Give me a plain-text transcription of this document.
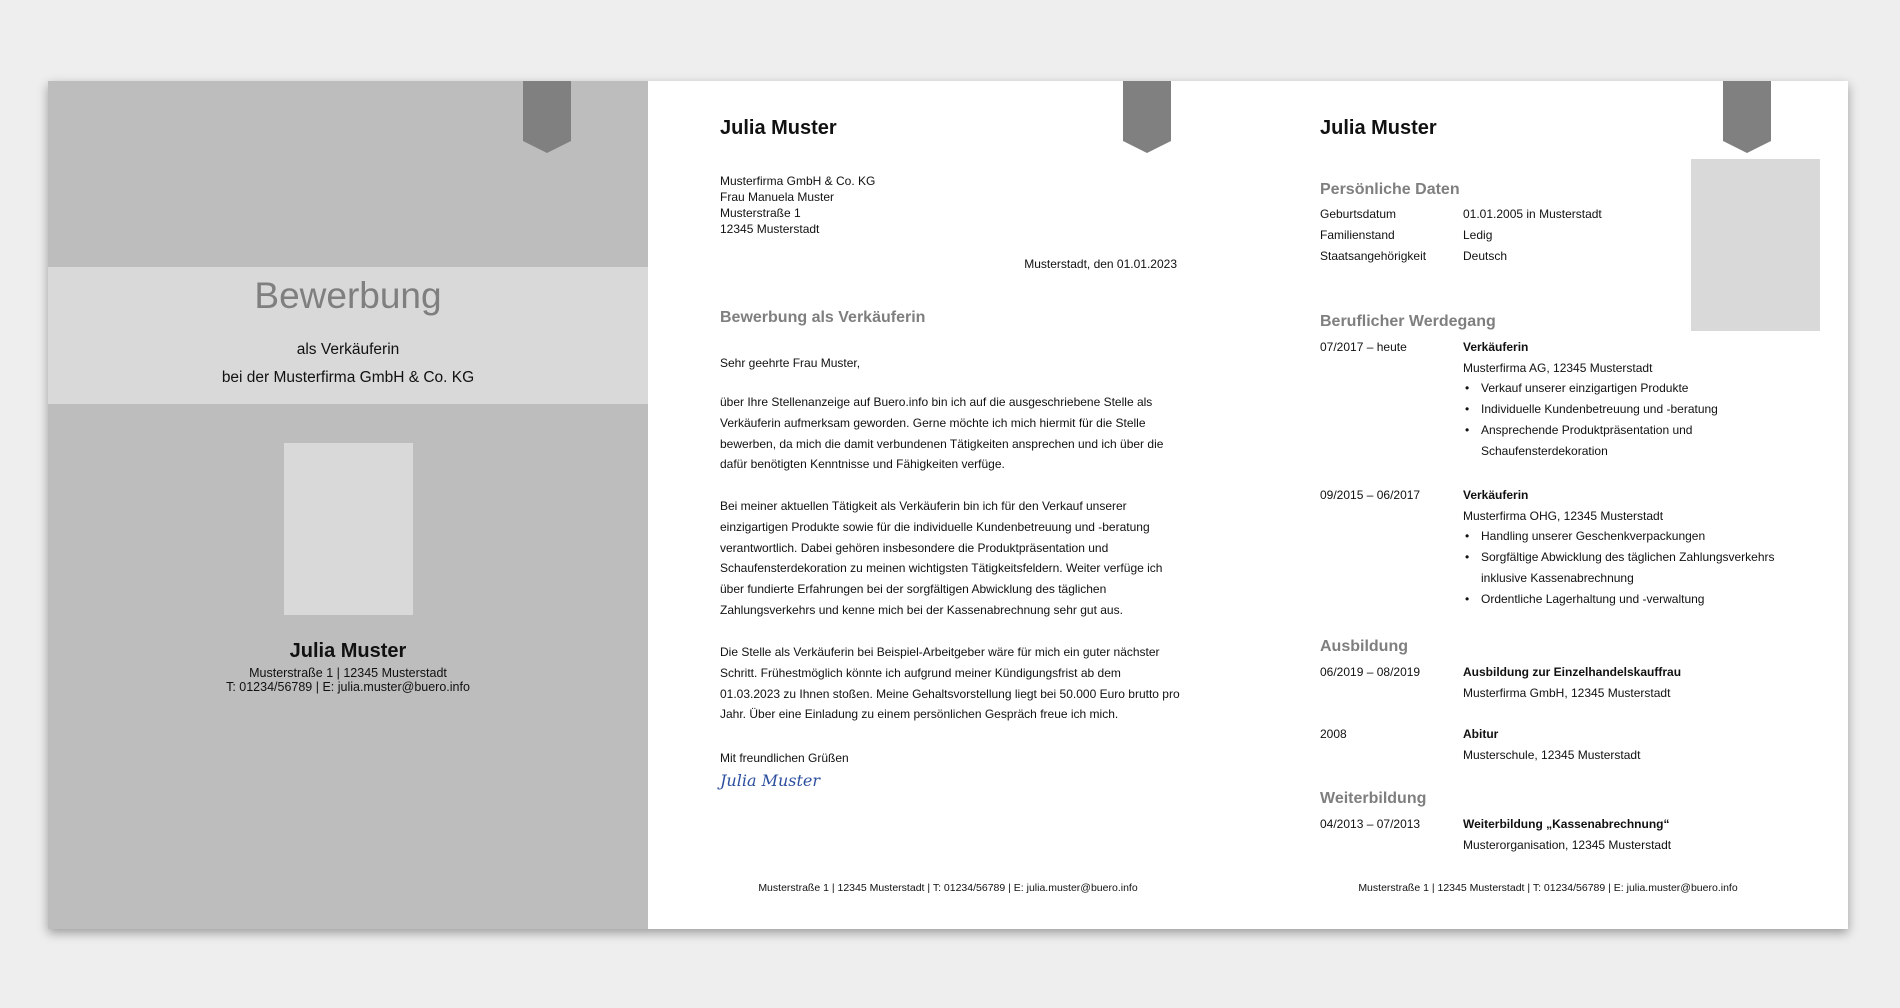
Bewerbung
als Verkäuferin
bei der Musterfirma GmbH & Co. KG
Julia Muster
Musterstraße 1 | 12345 Musterstadt
T: 01234/56789 | E: julia.muster@buero.info
Julia Muster
Musterfirma GmbH & Co. KG
Frau Manuela Muster
Musterstraße 1
12345 Musterstadt
Musterstadt, den 01.01.2023
Bewerbung als Verkäuferin
Sehr geehrte Frau Muster,
über Ihre Stellenanzeige auf Buero.info bin ich auf die ausgeschriebene Stelle als Verkäuferin aufmerksam geworden. Gerne möchte ich mich hiermit für die Stelle bewerben, da mich die damit verbundenen Tätigkeiten ansprechen und ich über die dafür benötigten Kenntnisse und Fähigkeiten verfüge.
Bei meiner aktuellen Tätigkeit als Verkäuferin bin ich für den Verkauf unserer einzigartigen Produkte sowie für die individuelle Kundenbetreuung und -beratung verantwortlich. Dabei gehören insbesondere die Produktpräsentation und Schaufensterdekoration zu meinen wichtigsten Tätigkeitsfeldern. Weiter verfüge ich über fundierte Erfahrungen bei der sorgfältigen Abwicklung des täglichen Zahlungsverkehrs und kenne mich bei der Kassenabrechnung sehr gut aus.
Die Stelle als Verkäuferin bei Beispiel-Arbeitgeber wäre für mich ein guter nächster Schritt. Frühestmöglich könnte ich aufgrund meiner Kündigungsfrist ab dem 01.03.2023 zu Ihnen stoßen. Meine Gehaltsvorstellung liegt bei 50.000 Euro brutto pro Jahr. Über eine Einladung zu einem persönlichen Gespräch freue ich mich.
Mit freundlichen Grüßen
Julia Muster
Musterstraße 1 | 12345 Musterstadt | T: 01234/56789 | E: julia.muster@buero.info
Julia Muster
Persönliche Daten
Geburtsdatum	01.01.2005 in Musterstadt
Familienstand	Ledig
Staatsangehörigkeit	Deutsch
Beruflicher Werdegang
07/2017 – heute	Verkäuferin
Musterfirma AG, 12345 Musterstadt
• Verkauf unserer einzigartigen Produkte
• Individuelle Kundenbetreuung und -beratung
• Ansprechende Produktpräsentation und Schaufensterdekoration
09/2015 – 06/2017	Verkäuferin
Musterfirma OHG, 12345 Musterstadt
• Handling unserer Geschenkverpackungen
• Sorgfältige Abwicklung des täglichen Zahlungsverkehrs inklusive Kassenabrechnung
• Ordentliche Lagerhaltung und -verwaltung
Ausbildung
06/2019 – 08/2019	Ausbildung zur Einzelhandelskauffrau
Musterfirma GmbH, 12345 Musterstadt
2008	Abitur
Musterschule, 12345 Musterstadt
Weiterbildung
04/2013 – 07/2013	Weiterbildung „Kassenabrechnung“
Musterorganisation, 12345 Musterstadt
Musterstraße 1 | 12345 Musterstadt | T: 01234/56789 | E: julia.muster@buero.info
